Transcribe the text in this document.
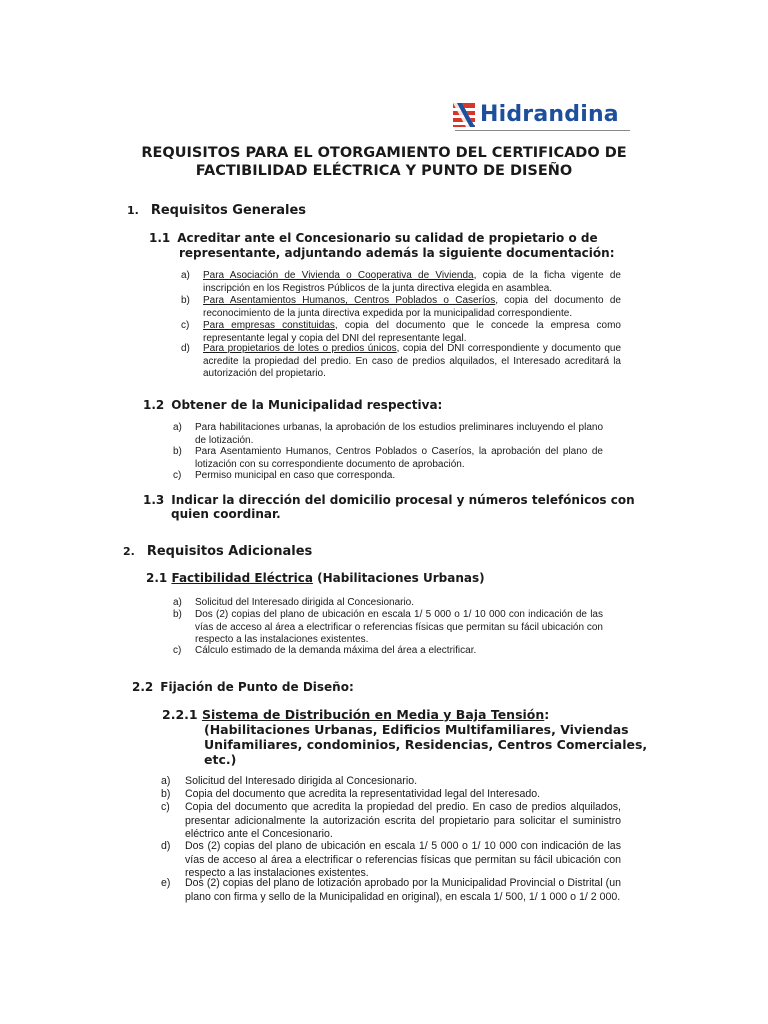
Hidrandina
REQUISITOS PARA EL OTORGAMIENTO DEL CERTIFICADO DE
FACTIBILIDAD ELÉCTRICA Y PUNTO DE DISEÑO
1. Requisitos Generales
1.1 Acreditar ante el Concesionario su calidad de propietario o de
representante, adjuntando además la siguiente documentación:
a) Para Asociación de Vivienda o Cooperativa de Vivienda, copia de la ficha vigente de inscripción en los Registros Públicos de la junta directiva elegida en asamblea.
b) Para Asentamientos Humanos, Centros Poblados o Caseríos, copia del documento de reconocimiento de la junta directiva expedida por la municipalidad correspondiente.
c) Para empresas constituidas, copia del documento que le concede la empresa como representante legal y copia del DNI del representante legal.
d) Para propietarios de lotes o predios únicos, copia del DNI correspondiente y documento que acredite la propiedad del predio. En caso de predios alquilados, el Interesado acreditará la autorización del propietario.
1.2 Obtener de la Municipalidad respectiva:
a) Para habilitaciones urbanas, la aprobación de los estudios preliminares incluyendo el plano de lotización.
b) Para Asentamiento Humanos, Centros Poblados o Caseríos, la aprobación del plano de lotización con su correspondiente documento de aprobación.
c) Permiso municipal en caso que corresponda.
1.3 Indicar la dirección del domicilio procesal y números telefónicos con
quien coordinar.
2. Requisitos Adicionales
2.1 Factibilidad Eléctrica (Habilitaciones Urbanas)
a) Solicitud del Interesado dirigida al Concesionario.
b) Dos (2) copias del plano de ubicación en escala 1/ 5 000 o 1/ 10 000 con indicación de las vías de acceso al área a electrificar o referencias físicas que permitan su fácil ubicación con respecto a las instalaciones existentes.
c) Cálculo estimado de la demanda máxima del área a electrificar.
2.2 Fijación de Punto de Diseño:
2.2.1 Sistema de Distribución en Media y Baja Tensión:
(Habilitaciones Urbanas, Edificios Multifamiliares, Viviendas
Unifamiliares, condominios, Residencias, Centros Comerciales,
etc.)
a) Solicitud del Interesado dirigida al Concesionario.
b) Copia del documento que acredita la representatividad legal del Interesado.
c) Copia del documento que acredita la propiedad del predio. En caso de predios alquilados, presentar adicionalmente la autorización escrita del propietario para solicitar el suministro eléctrico ante el Concesionario.
d) Dos (2) copias del plano de ubicación en escala 1/ 5 000 o 1/ 10 000 con indicación de las vías de acceso al área a electrificar o referencias físicas que permitan su fácil ubicación con respecto a las instalaciones existentes.
e) Dos (2) copias del plano de lotización aprobado por la Municipalidad Provincial o Distrital (un plano con firma y sello de la Municipalidad en original), en escala 1/ 500, 1/ 1 000 o 1/ 2 000.
